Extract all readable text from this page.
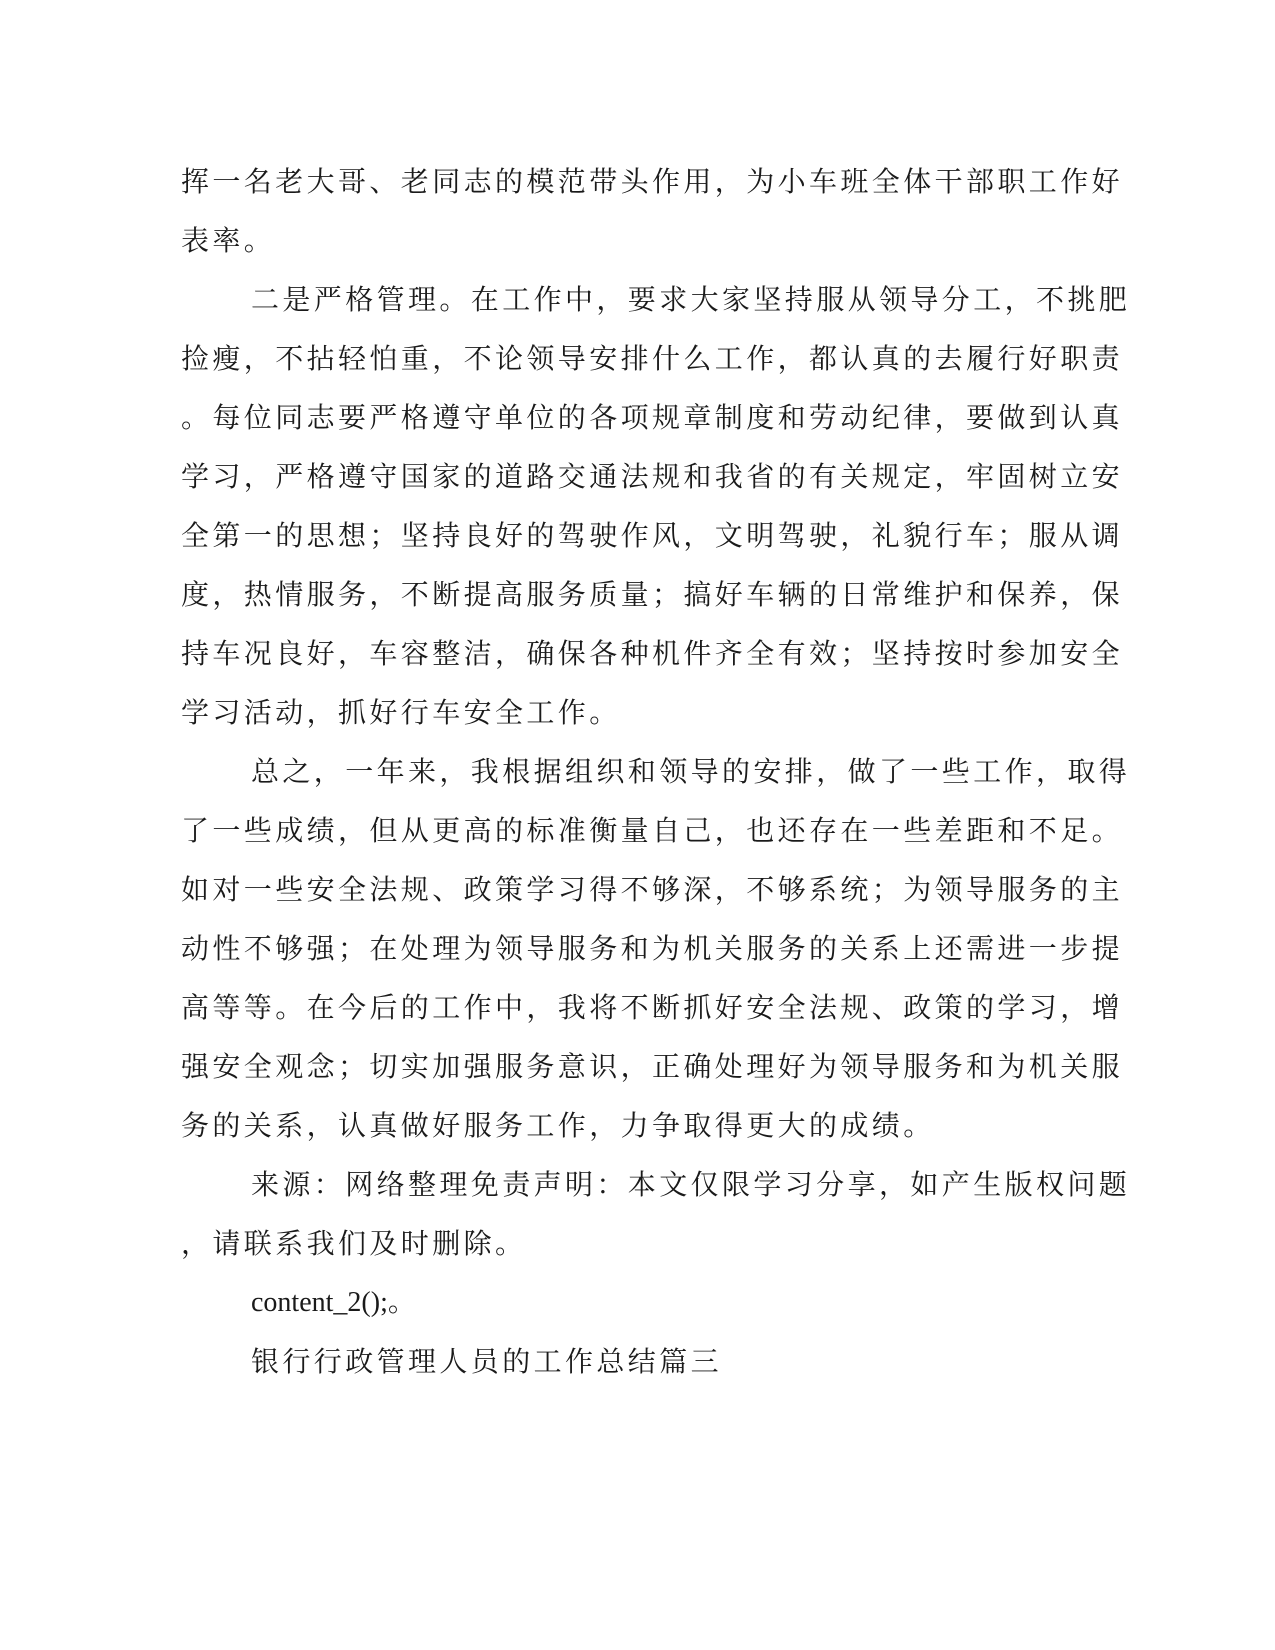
挥一名老大哥、老同志的模范带头作用，为小车班全体干部职工作好
表率。
二是严格管理。在工作中，要求大家坚持服从领导分工，不挑肥
捡瘦，不拈轻怕重，不论领导安排什么工作，都认真的去履行好职责
。每位同志要严格遵守单位的各项规章制度和劳动纪律，要做到认真
学习，严格遵守国家的道路交通法规和我省的有关规定，牢固树立安
全第一的思想；坚持良好的驾驶作风，文明驾驶，礼貌行车；服从调
度，热情服务，不断提高服务质量；搞好车辆的日常维护和保养，保
持车况良好，车容整洁，确保各种机件齐全有效；坚持按时参加安全
学习活动，抓好行车安全工作。
总之，一年来，我根据组织和领导的安排，做了一些工作，取得
了一些成绩，但从更高的标准衡量自己，也还存在一些差距和不足。
如对一些安全法规、政策学习得不够深，不够系统；为领导服务的主
动性不够强；在处理为领导服务和为机关服务的关系上还需进一步提
高等等。在今后的工作中，我将不断抓好安全法规、政策的学习，增
强安全观念；切实加强服务意识，正确处理好为领导服务和为机关服
务的关系，认真做好服务工作，力争取得更大的成绩。
来源：网络整理免责声明：本文仅限学习分享，如产生版权问题
，请联系我们及时删除。
content_2();。
银行行政管理人员的工作总结篇三
